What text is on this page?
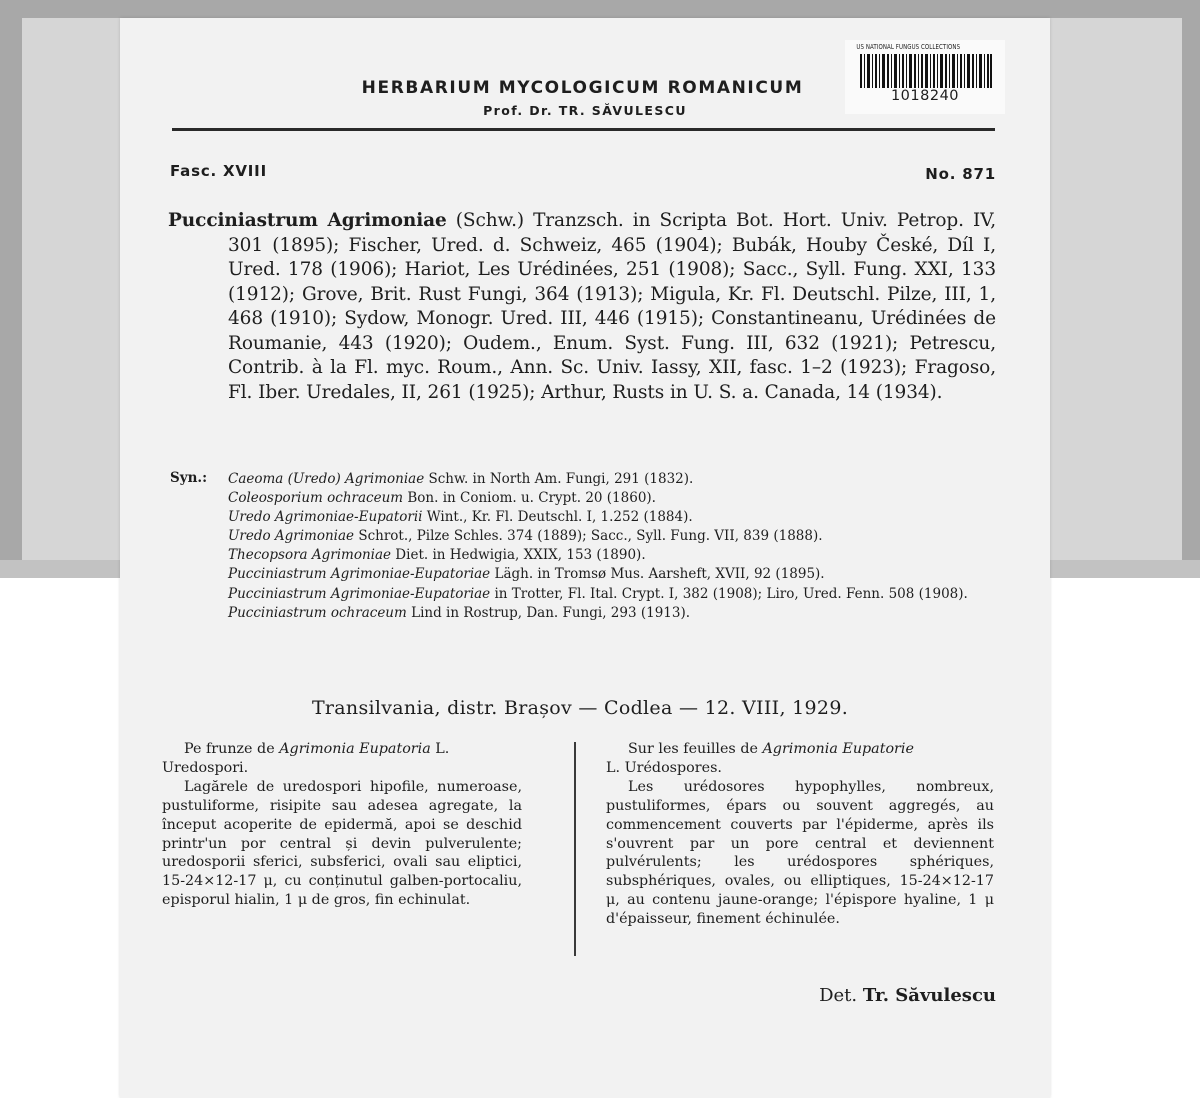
HERBARIUM MYCOLOGICUM ROMANICUM
Prof. Dr. TR. SĂVULESCU
US NATIONAL FUNGUS COLLECTIONS
1018240
Fasc. XVIII	No. 871
Pucciniastrum Agrimoniae (Schw.) Tranzsch. in Scripta Bot. Hort. Univ. Petrop. IV, 301 (1895); Fischer, Ured. d. Schweiz, 465 (1904); Bubák, Houby České, Díl I, Ured. 178 (1906); Hariot, Les Urédinées, 251 (1908); Sacc., Syll. Fung. XXI, 133 (1912); Grove, Brit. Rust Fungi, 364 (1913); Migula, Kr. Fl. Deutschl. Pilze, III, 1, 468 (1910); Sydow, Monogr. Ured. III, 446 (1915); Constantineanu, Urédinées de Roumanie, 443 (1920); Oudem., Enum. Syst. Fung. III, 632 (1921); Petrescu, Contrib. à la Fl. myc. Roum., Ann. Sc. Univ. Iassy, XII, fasc. 1–2 (1923); Fragoso, Fl. Iber. Uredales, II, 261 (1925); Arthur, Rusts in U. S. a. Canada, 14 (1934).
Syn.: Caeoma (Uredo) Agrimoniae Schw. in North Am. Fungi, 291 (1832).
Coleosporium ochraceum Bon. in Coniom. u. Crypt. 20 (1860).
Uredo Agrimoniae-Eupatorii Wint., Kr. Fl. Deutschl. I, 1.252 (1884).
Uredo Agrimoniae Schrot., Pilze Schles. 374 (1889); Sacc., Syll. Fung. VII, 839 (1888).
Thecopsora Agrimoniae Diet. in Hedwigia, XXIX, 153 (1890).
Pucciniastrum Agrimoniae-Eupatoriae Lägh. in Tromsø Mus. Aarsheft, XVII, 92 (1895).
Pucciniastrum Agrimoniae-Eupatoriae in Trotter, Fl. Ital. Crypt. I, 382 (1908); Liro, Ured. Fenn. 508 (1908).
Pucciniastrum ochraceum Lind in Rostrup, Dan. Fungi, 293 (1913).
Transilvania, distr. Brașov — Codlea — 12. VIII, 1929.

Pe frunze de Agrimonia Eupatoria L.

Uredospori.

Lagărele de uredospori hipofile, numeroase, pustuliforme, risipite sau adesea agregate, la început acoperite de epidermă, apoi se deschid printr'un por central și devin pulverulente; uredosporii sferici, subsferici, ovali sau eliptici, 15-24×12-17 μ, cu conținutul galben-portocaliu, episporul hialin, 1 μ de gros, fin echinulat.

Sur les feuilles de Agrimonia Eupatorie

L. Urédospores.

Les urédosores hypophylles, nombreux, pustuliformes, épars ou souvent aggregés, au commencement couverts par l'épiderme, après ils s'ouvrent par un pore central et deviennent pulvérulents; les urédospores sphériques, subsphériques, ovales, ou elliptiques, 15-24×12-17 μ, au contenu jaune-orange; l'épispore hyaline, 1 μ d'épaisseur, finement échinulée.

Det. Tr. Săvulescu
